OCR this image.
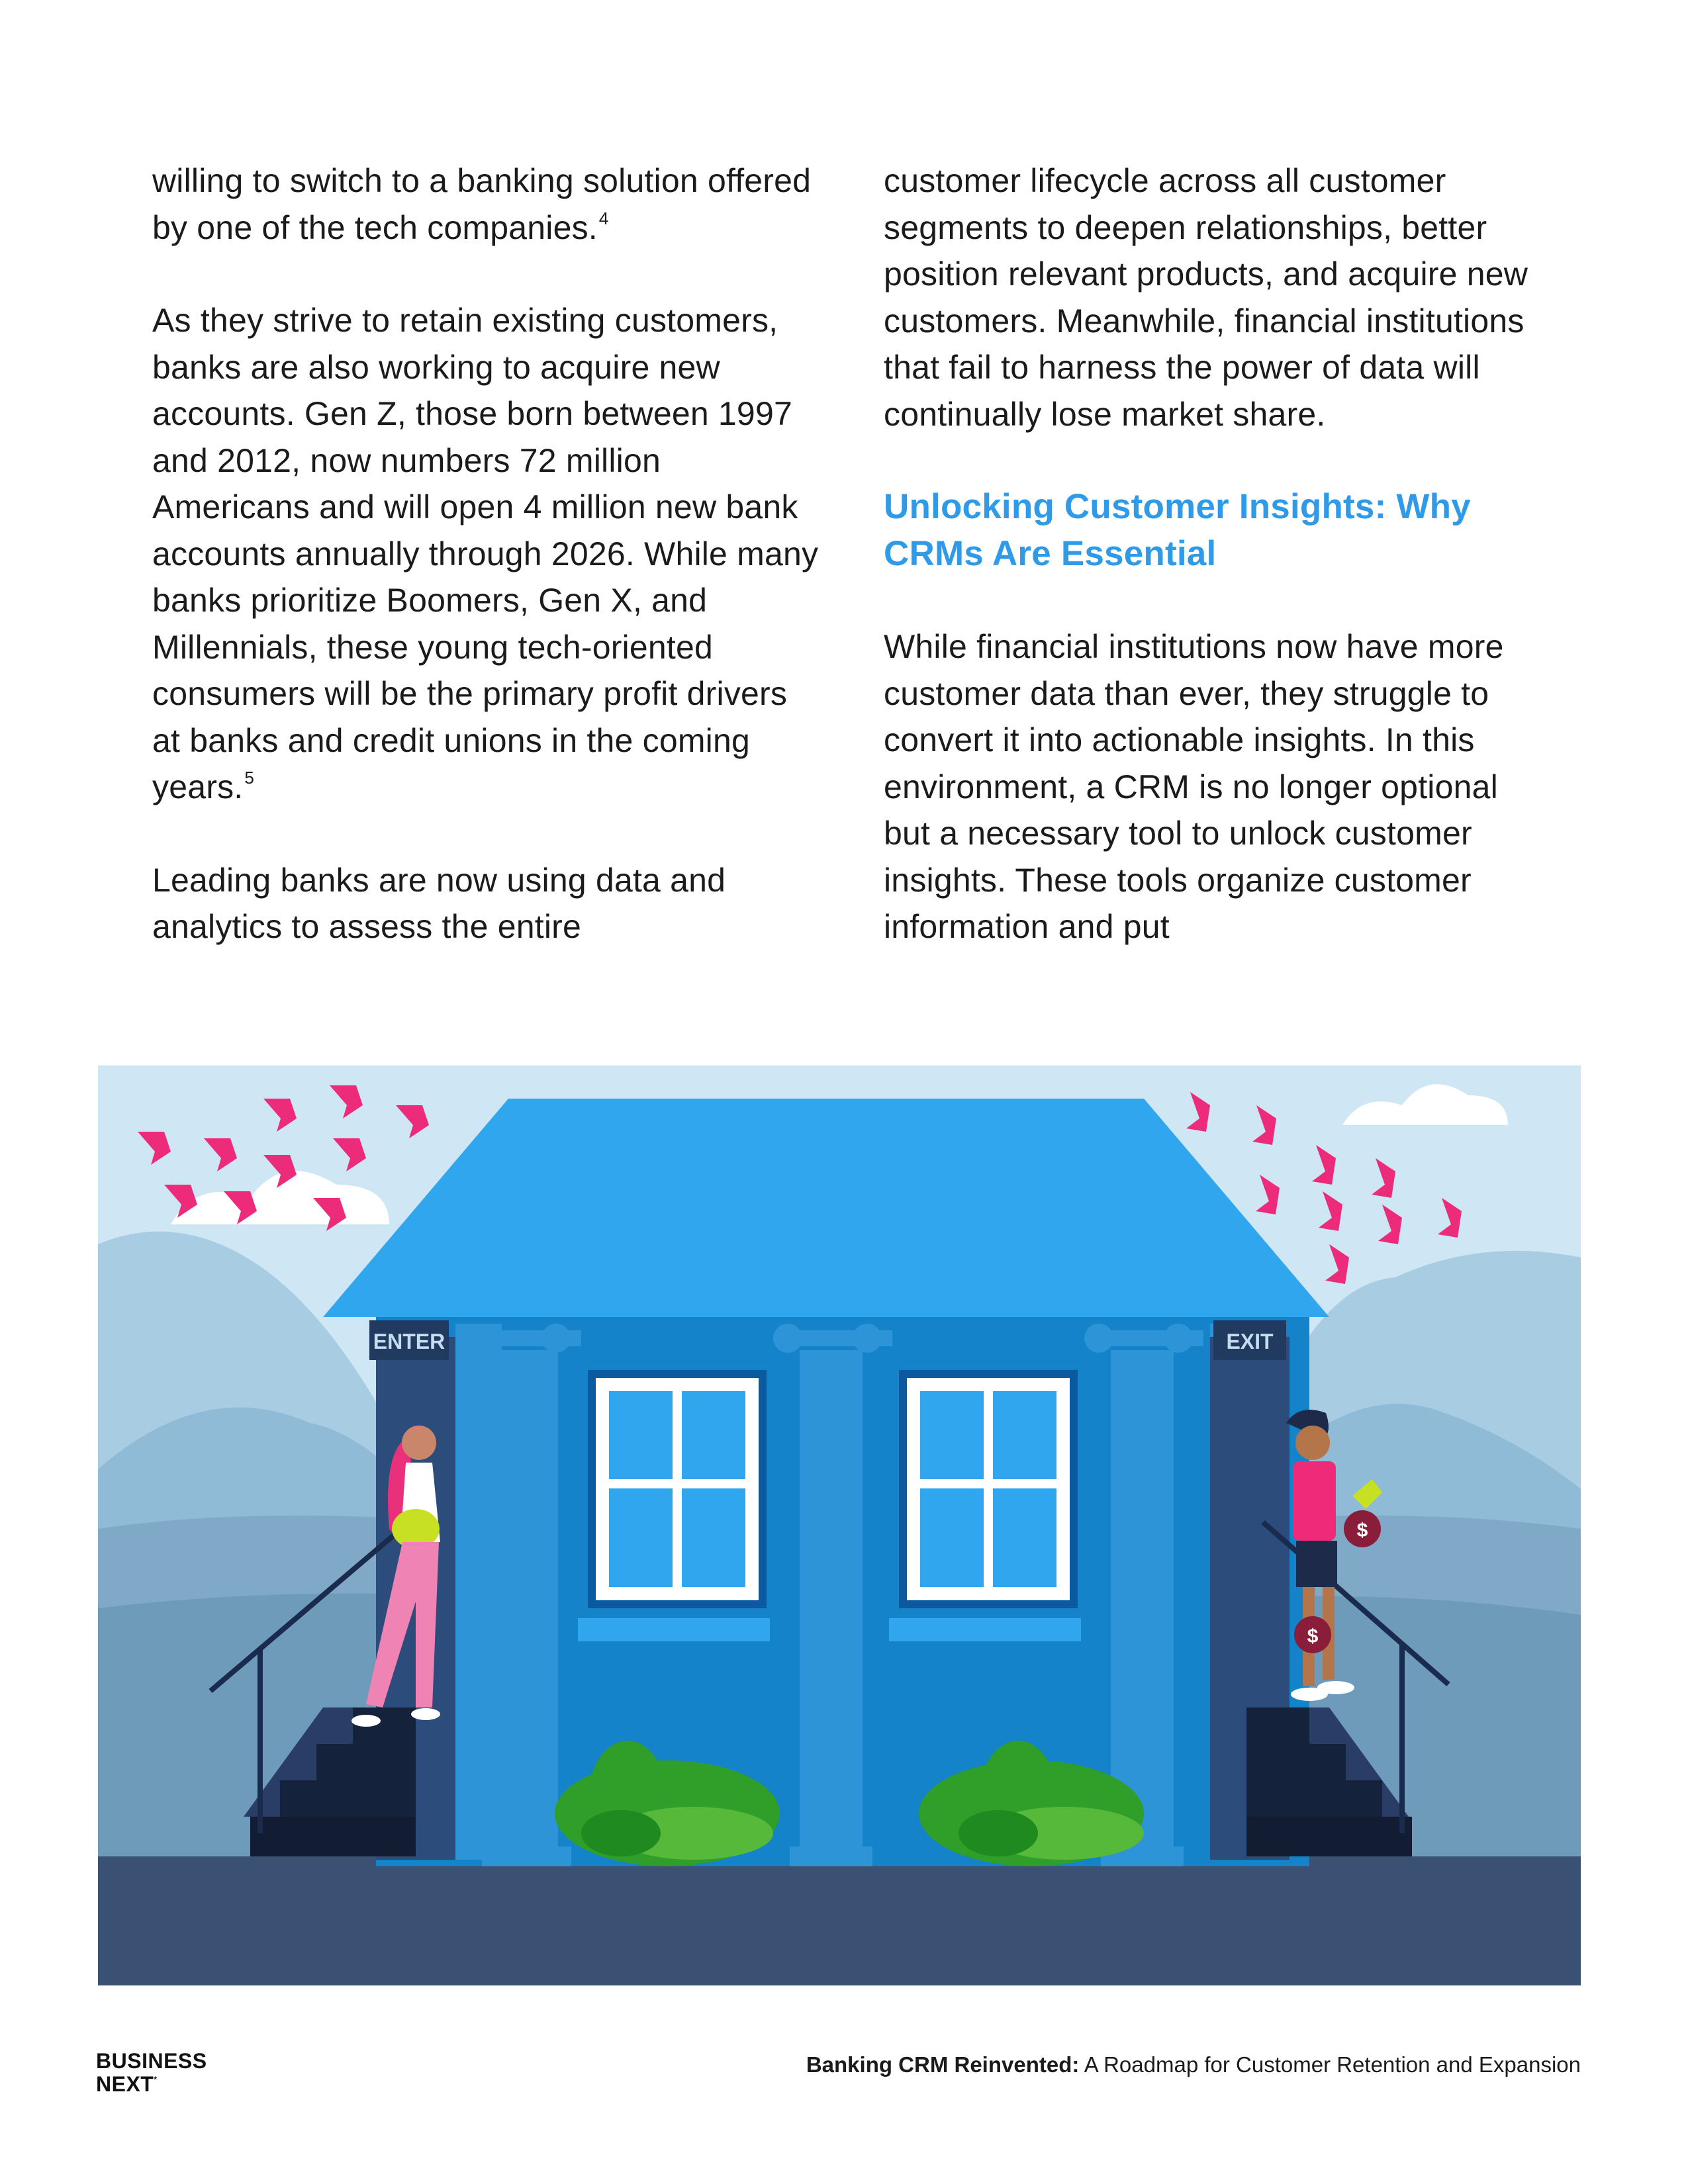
willing to switch to a banking solution offered by one of the tech companies.$^4$

As they strive to retain existing customers, banks are also working to acquire new accounts. Gen Z, those born between 1997 and 2012, now numbers 72 million Americans and will open 4 million new bank accounts annually through 2026. While many banks prioritize Boomers, Gen X, and Millennials, these young tech-oriented consumers will be the primary profit drivers at banks and credit unions in the coming years.$^5$

Leading banks are now using data and analytics to assess the entire

customer lifecycle across all customer segments to deepen relationships, better position relevant products, and acquire new customers. Meanwhile, financial institutions that fail to harness the power of data will continually lose market share.

Unlocking Customer Insights: Why CRMs Are Essential

While financial institutions now have more customer data than ever, they struggle to convert it into actionable insights. In this environment, a CRM is no longer optional but a necessary tool to unlock customer insights. These tools organize customer information and put

ENTER	EXIT
$
$
BUSINESS
NEXT*
Banking CRM Reinvented: A Roadmap for Customer Retention and Expansion
